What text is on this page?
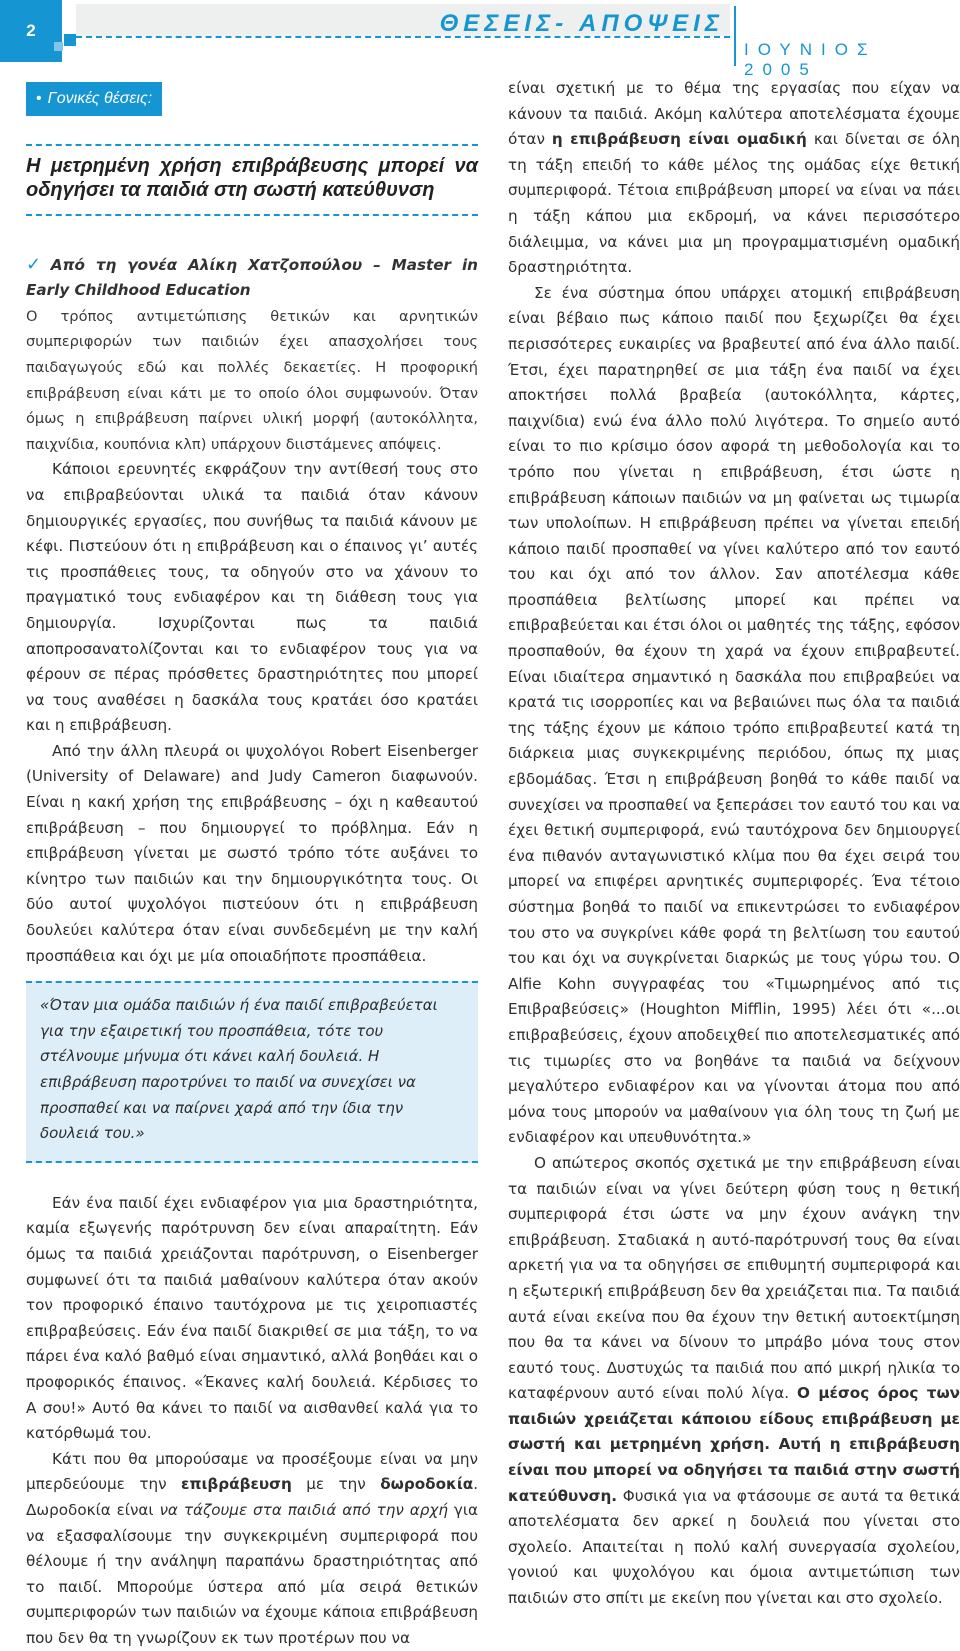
2	ΘΕΣΕΙΣ- ΑΠΟΨΕΙΣ
ΙΟΥΝΙΟΣ 2005
• Γονικές θέσεις:
Η μετρημένη χρήση επιβράβευσης μπορεί να οδηγήσει τα παιδιά στη σωστή κατεύθυνση

✓ Από τη γονέα Αλίκη Χατζοπούλου – Master in Early Childhood Education

Ο τρόπος αντιμετώπισης θετικών και αρνητικών συμπεριφορών των παιδιών έχει απασχολήσει τους παιδαγωγούς εδώ και πολλές δεκαετίες. Η προφορική επιβράβευση είναι κάτι με το οποίο όλοι συμφωνούν. Όταν όμως η επιβράβευση παίρνει υλική μορφή (αυτοκόλλητα, παιχνίδια, κουπόνια κλπ) υπάρχουν διιστάμενες απόψεις.

Κάποιοι ερευνητές εκφράζουν την αντίθεσή τους στο να επιβραβεύονται υλικά τα παιδιά όταν κάνουν δημιουργικές εργασίες, που συνήθως τα παιδιά κάνουν με κέφι. Πιστεύουν ότι η επιβράβευση και ο έπαινος γι’ αυτές τις προσπάθειες τους, τα οδηγούν στο να χάνουν το πραγματικό τους ενδιαφέρον και τη διάθεση τους για δημιουργία. Ισχυρίζονται πως τα παιδιά αποπροσανατολίζονται και το ενδιαφέρον τους για να φέρουν σε πέρας πρόσθετες δραστηριότητες που μπορεί να τους αναθέσει η δασκάλα τους κρατάει όσο κρατάει και η επιβράβευση.

Από την άλλη πλευρά οι ψυχολόγοι Robert Eisenberger (University of Delaware) and Judy Cameron διαφωνούν. Είναι η κακή χρήση της επιβράβευσης – όχι η καθεαυτού επιβράβευση – που δημιουργεί το πρόβλημα. Εάν η επιβράβευση γίνεται με σωστό τρόπο τότε αυξάνει το κίνητρο των παιδιών και την δημιουργικότητα τους. Οι δύο αυτοί ψυχολόγοι πιστεύουν ότι η επιβράβευση δουλεύει καλύτερα όταν είναι συνδεδεμένη με την καλή προσπάθεια και όχι με μία οποιαδήποτε προσπάθεια.

«Όταν μια ομάδα παιδιών ή ένα παιδί επιβραβεύεται για την εξαιρετική του προσπάθεια, τότε του στέλνουμε μήνυμα ότι κάνει καλή δουλειά. Η επιβράβευση παροτρύνει το παιδί να συνεχίσει να προσπαθεί και να παίρνει χαρά από την ίδια την δουλειά του.»

Εάν ένα παιδί έχει ενδιαφέρον για μια δραστηριότητα, καμία εξωγενής παρότρυνση δεν είναι απαραίτητη. Εάν όμως τα παιδιά χρειάζονται παρότρυνση, ο Eisenberger συμφωνεί ότι τα παιδιά μαθαίνουν καλύτερα όταν ακούν τον προφορικό έπαινο ταυτόχρονα με τις χειροπιαστές επιβραβεύσεις. Εάν ένα παιδί διακριθεί σε μια τάξη, το να πάρει ένα καλό βαθμό είναι σημαντικό, αλλά βοηθάει και ο προφορικός έπαινος. «Έκανες καλή δουλειά. Κέρδισες το Α σου!» Αυτό θα κάνει το παιδί να αισθανθεί καλά για το κατόρθωμά του.

Κάτι που θα μπορούσαμε να προσέξουμε είναι να μην μπερδεύουμε την επιβράβευση με την δωροδοκία. Δωροδοκία είναι να τάζουμε στα παιδιά από την αρχή για να εξασφαλίσουμε την συγκεκριμένη συμπεριφορά που θέλουμε ή την ανάληψη παραπάνω δραστηριότητας από το παιδί. Μπορούμε ύστερα από μία σειρά θετικών συμπεριφορών των παιδιών να έχουμε κάποια επιβράβευση που δεν θα τη γνωρίζουν εκ των προτέρων που να

είναι σχετική με το θέμα της εργασίας που είχαν να κάνουν τα παιδιά. Ακόμη καλύτερα αποτελέσματα έχουμε όταν η επιβράβευση είναι ομαδική και δίνεται σε όλη τη τάξη επειδή το κάθε μέλος της ομάδας είχε θετική συμπεριφορά. Τέτοια επιβράβευση μπορεί να είναι να πάει η τάξη κάπου μια εκδρομή, να κάνει περισσότερο διάλειμμα, να κάνει μια μη προγραμματισμένη ομαδική δραστηριότητα.

Σε ένα σύστημα όπου υπάρχει ατομική επιβράβευση είναι βέβαιο πως κάποιο παιδί που ξεχωρίζει θα έχει περισσότερες ευκαιρίες να βραβευτεί από ένα άλλο παιδί. Έτσι, έχει παρατηρηθεί σε μια τάξη ένα παιδί να έχει αποκτήσει πολλά βραβεία (αυτοκόλλητα, κάρτες, παιχνίδια) ενώ ένα άλλο πολύ λιγότερα. Το σημείο αυτό είναι το πιο κρίσιμο όσον αφορά τη μεθοδολογία και το τρόπο που γίνεται η επιβράβευση, έτσι ώστε η επιβράβευση κάποιων παιδιών να μη φαίνεται ως τιμωρία των υπολοίπων. Η επιβράβευση πρέπει να γίνεται επειδή κάποιο παιδί προσπαθεί να γίνει καλύτερο από τον εαυτό του και όχι από τον άλλον. Σαν αποτέλεσμα κάθε προσπάθεια βελτίωσης μπορεί και πρέπει να επιβραβεύεται και έτσι όλοι οι μαθητές της τάξης, εφόσον προσπαθούν, θα έχουν τη χαρά να έχουν επιβραβευτεί. Είναι ιδιαίτερα σημαντικό η δασκάλα που επιβραβεύει να κρατά τις ισορροπίες και να βεβαιώνει πως όλα τα παιδιά της τάξης έχουν με κάποιο τρόπο επιβραβευτεί κατά τη διάρκεια μιας συγκεκριμένης περιόδου, όπως πχ μιας εβδομάδας. Έτσι η επιβράβευση βοηθά το κάθε παιδί να συνεχίσει να προσπαθεί να ξεπεράσει τον εαυτό του και να έχει θετική συμπεριφορά, ενώ ταυτόχρονα δεν δημιουργεί ένα πιθανόν ανταγωνιστικό κλίμα που θα έχει σειρά του μπορεί να επιφέρει αρνητικές συμπεριφορές. Ένα τέτοιο σύστημα βοηθά το παιδί να επικεντρώσει το ενδιαφέρον του στο να συγκρίνει κάθε φορά τη βελτίωση του εαυτού του και όχι να συγκρίνεται διαρκώς με τους γύρω του. Ο Alfie Kohn συγγραφέας του «Τιμωρημένος από τις Επιβραβεύσεις» (Houghton Mifflin, 1995) λέει ότι «...οι επιβραβεύσεις, έχουν αποδειχθεί πιο αποτελεσματικές από τις τιμωρίες στο να βοηθάνε τα παιδιά να δείχνουν μεγαλύτερο ενδιαφέρον και να γίνονται άτομα που από μόνα τους μπορούν να μαθαίνουν για όλη τους τη ζωή με ενδιαφέρον και υπευθυνότητα.»

Ο απώτερος σκοπός σχετικά με την επιβράβευση είναι τα παιδιών είναι να γίνει δεύτερη φύση τους η θετική συμπεριφορά έτσι ώστε να μην έχουν ανάγκη την επιβράβευση. Σταδιακά η αυτό-παρότρυνσή τους θα είναι αρκετή για να τα οδηγήσει σε επιθυμητή συμπεριφορά και η εξωτερική επιβράβευση δεν θα χρειάζεται πια. Τα παιδιά αυτά είναι εκείνα που θα έχουν την θετική αυτοεκτίμηση που θα τα κάνει να δίνουν το μπράβο μόνα τους στον εαυτό τους. Δυστυχώς τα παιδιά που από μικρή ηλικία το καταφέρνουν αυτό είναι πολύ λίγα. Ο μέσος όρος των παιδιών χρειάζεται κάποιου είδους επιβράβευση με σωστή και μετρημένη χρήση. Αυτή η επιβράβευση είναι που μπορεί να οδηγήσει τα παιδιά στην σωστή κατεύθυνση. Φυσικά για να φτάσουμε σε αυτά τα θετικά αποτελέσματα δεν αρκεί η δουλειά που γίνεται στο σχολείο. Απαιτείται η πολύ καλή συνεργασία σχολείου, γονιού και ψυχολόγου και όμοια αντιμετώπιση των παιδιών στο σπίτι με εκείνη που γίνεται και στο σχολείο.
